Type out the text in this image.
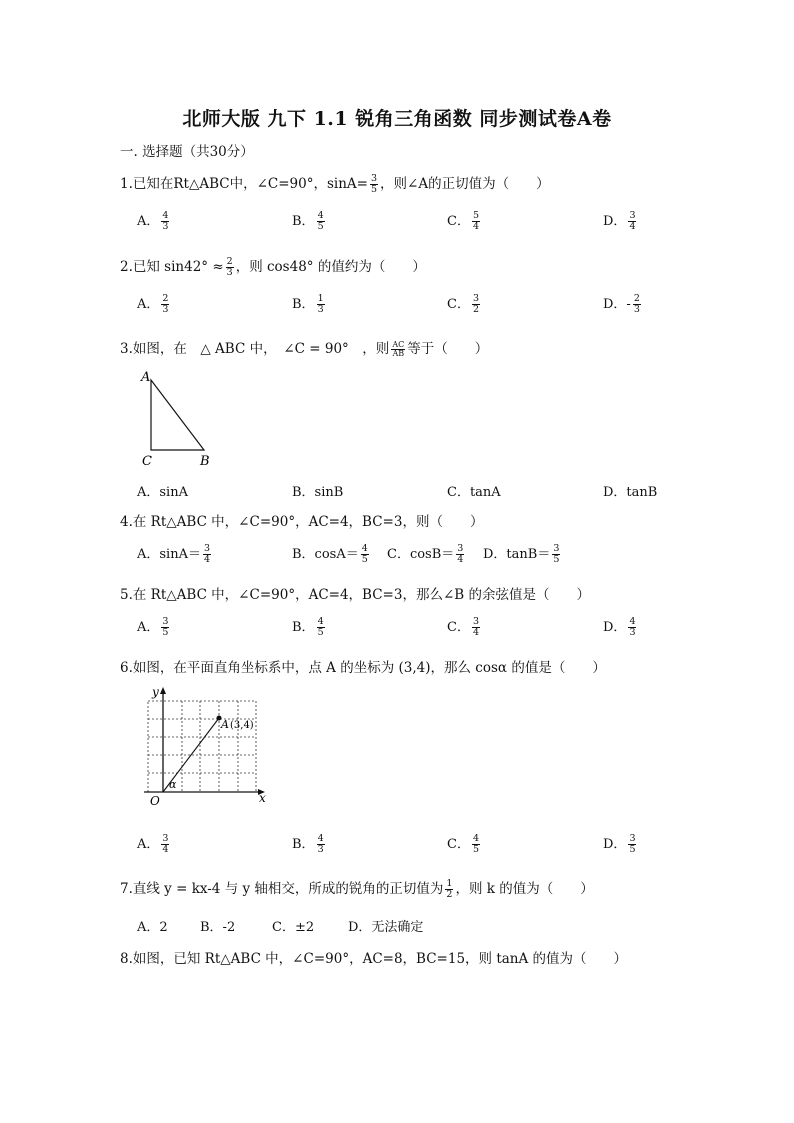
北师大版 九下 1.1 锐角三角函数 同步测试卷A卷
一. 选择题（共30分）
1.已知在Rt△ABC中，∠C=90°，$\sin A= \frac{3}{5}$ ，则∠A的正切值为（　　）
A． $\frac{4}{3}$	B． $\frac{4}{5}$	C． $\frac{5}{4}$	D． $\frac{3}{4}$
2.已知 $\sin 42^\circ \approx \frac{2}{3}$ ，则 cos48° 的值约为（　　）
A． $\frac{2}{3}$	B． $\frac{1}{3}$	C． $\frac{3}{2}$	D．- $\frac{2}{3}$
3.如图，在　△ ABC 中，　∠C = 90°　，则 $\frac{AC}{AB}$ 等于（　　）
A
C	B
A．sinA	B．sinB	C．tanA	D．tanB
4.在 Rt△ABC 中，∠C=90°，AC=4，BC=3，则（　　）
A．$\sin A= \frac{3}{4}$	B．$\cos A= \frac{4}{5}$ C．$\cos B= \frac{3}{4}$ D．$\tan B= \frac{3}{5}$
5.在 Rt△ABC 中，∠C=90°，AC=4，BC=3，那么∠B 的余弦值是（　　）
A． $\frac{3}{5}$	B． $\frac{4}{5}$	C． $\frac{3}{4}$	D． $\frac{4}{3}$
6.如图，在平面直角坐标系中，点 A 的坐标为 (3,4)，那么 cosα 的值是（　　）
y
x
O
α
A (3,4)
A． $\frac{3}{4}$	B． $\frac{4}{3}$	C． $\frac{4}{5}$	D． $\frac{3}{5}$
7.直线 y = kx-4 与 y 轴相交，所成的锐角的正切值为 $\frac{1}{2}$ ，则 k 的值为（　　）
A．2 B．-2	C．±2	D．无法确定
8.如图，已知 Rt△ABC 中，∠C=90°，AC=8，BC=15，则 tanA 的值为（　　）
